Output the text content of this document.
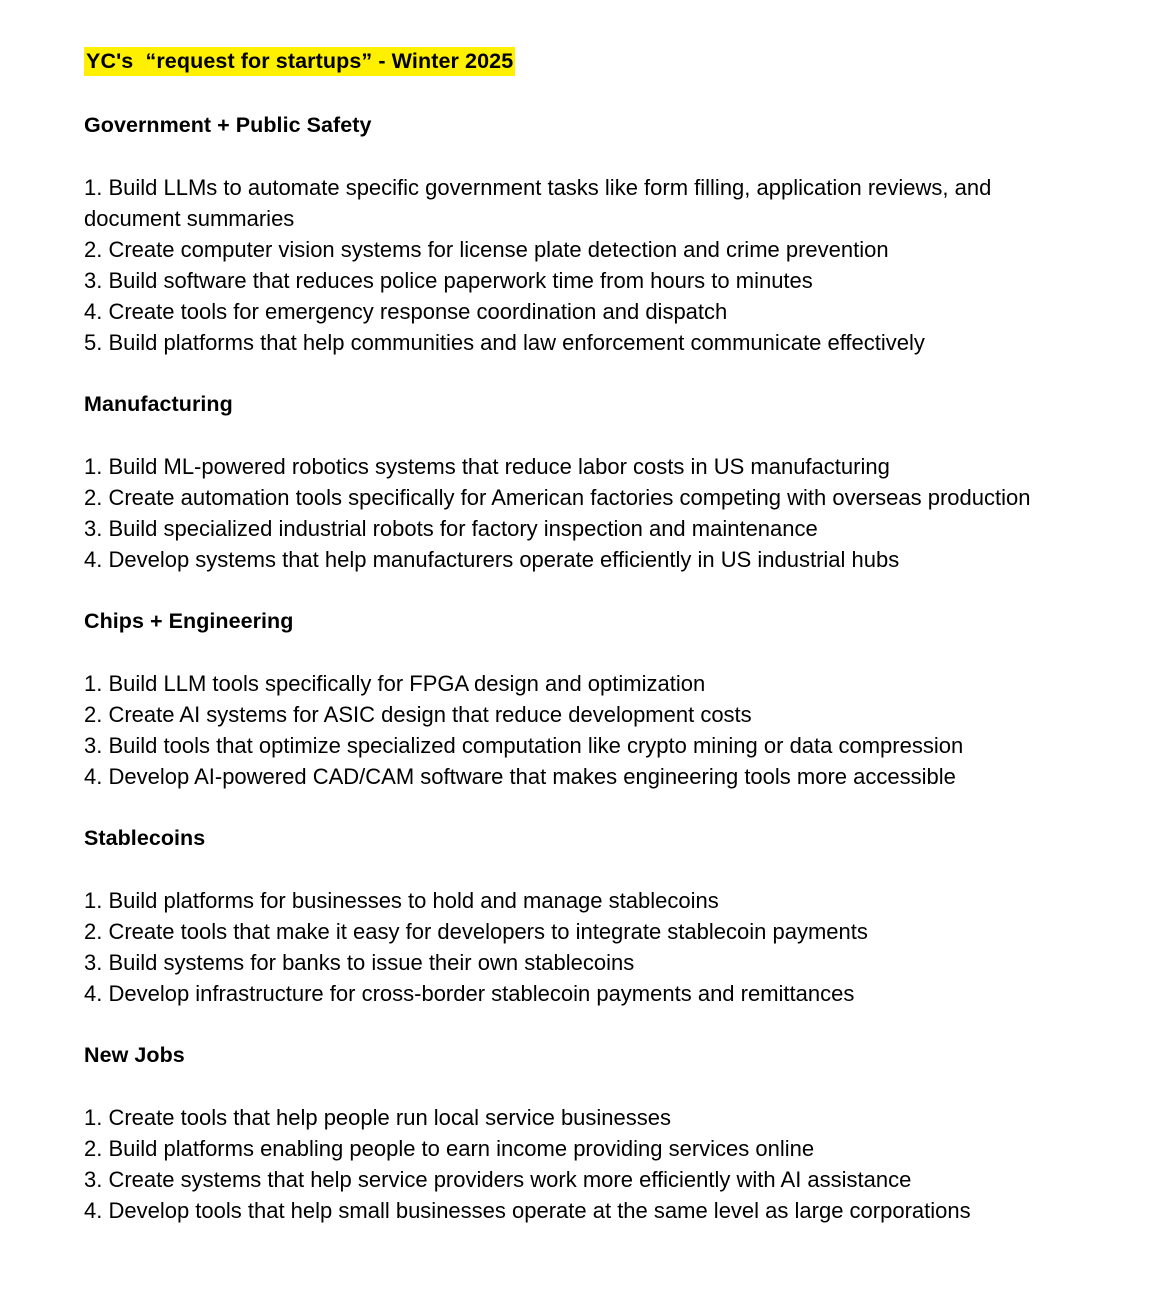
YC's  “request for startups” - Winter 2025
Government + Public Safety
1. Build LLMs to automate specific government tasks like form filling, application reviews, and document summaries
2. Create computer vision systems for license plate detection and crime prevention
3. Build software that reduces police paperwork time from hours to minutes
4. Create tools for emergency response coordination and dispatch
5. Build platforms that help communities and law enforcement communicate effectively
Manufacturing
1. Build ML-powered robotics systems that reduce labor costs in US manufacturing
2. Create automation tools specifically for American factories competing with overseas production
3. Build specialized industrial robots for factory inspection and maintenance
4. Develop systems that help manufacturers operate efficiently in US industrial hubs
Chips + Engineering
1. Build LLM tools specifically for FPGA design and optimization
2. Create AI systems for ASIC design that reduce development costs
3. Build tools that optimize specialized computation like crypto mining or data compression
4. Develop AI-powered CAD/CAM software that makes engineering tools more accessible
Stablecoins
1. Build platforms for businesses to hold and manage stablecoins
2. Create tools that make it easy for developers to integrate stablecoin payments
3. Build systems for banks to issue their own stablecoins
4. Develop infrastructure for cross-border stablecoin payments and remittances
New Jobs
1. Create tools that help people run local service businesses
2. Build platforms enabling people to earn income providing services online
3. Create systems that help service providers work more efficiently with AI assistance
4. Develop tools that help small businesses operate at the same level as large corporations
